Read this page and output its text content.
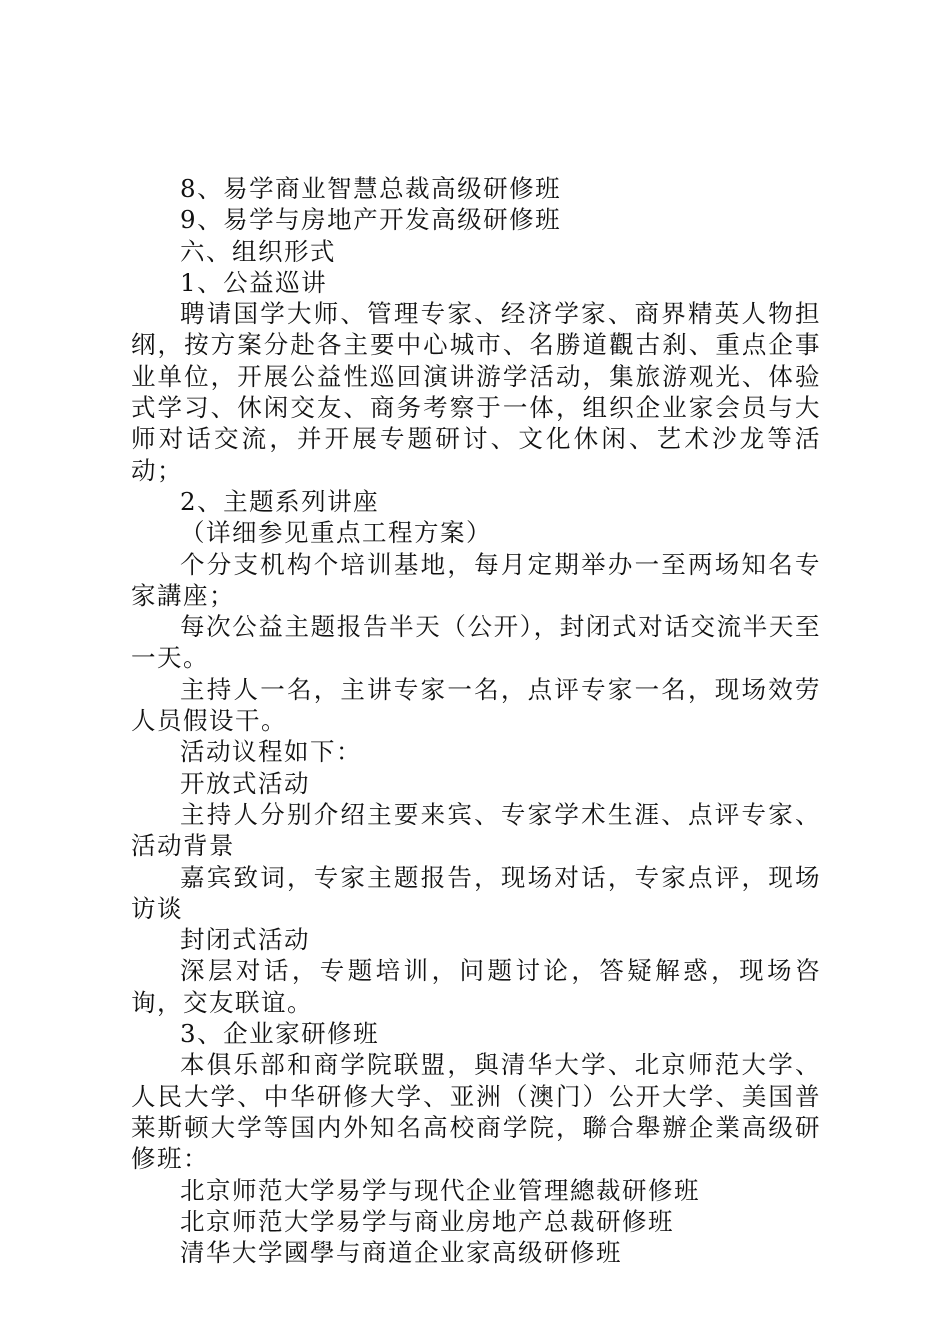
8、易学商业智慧总裁高级研修班

9、易学与房地产开发高级研修班

六、组织形式

1、公益巡讲

聘请国学大师、管理专家、经济学家、商界精英人物担纲，按方案分赴各主要中心城市、名勝道觀古刹、重点企事业单位，开展公益性巡回演讲游学活动，集旅游观光、体验式学习、休闲交友、商务考察于一体，组织企业家会员与大师对话交流，并开展专题研讨、文化休闲、艺术沙龙等活动；

2、主题系列讲座

（详细参见重点工程方案）

个分支机构个培训基地，每月定期举办一至两场知名专家講座；

每次公益主题报告半天（公开），封闭式对话交流半天至一天。

主持人一名，主讲专家一名，点评专家一名，现场效劳人员假设干。

活动议程如下：

开放式活动

主持人分别介绍主要来宾、专家学术生涯、点评专家、活动背景

嘉宾致词，专家主题报告，现场对话，专家点评，现场访谈

封闭式活动

深层对话，专题培训，问题讨论，答疑解惑，现场咨询，交友联谊。

3、企业家研修班

本俱乐部和商学院联盟，與清华大学、北京师范大学、人民大学、中华研修大学、亚洲（澳门）公开大学、美国普莱斯顿大学等国内外知名高校商学院，聯合舉辦企業高级研修班：

北京师范大学易学与现代企业管理總裁研修班

北京师范大学易学与商业房地产总裁研修班

清华大学國學与商道企业家高级研修班
